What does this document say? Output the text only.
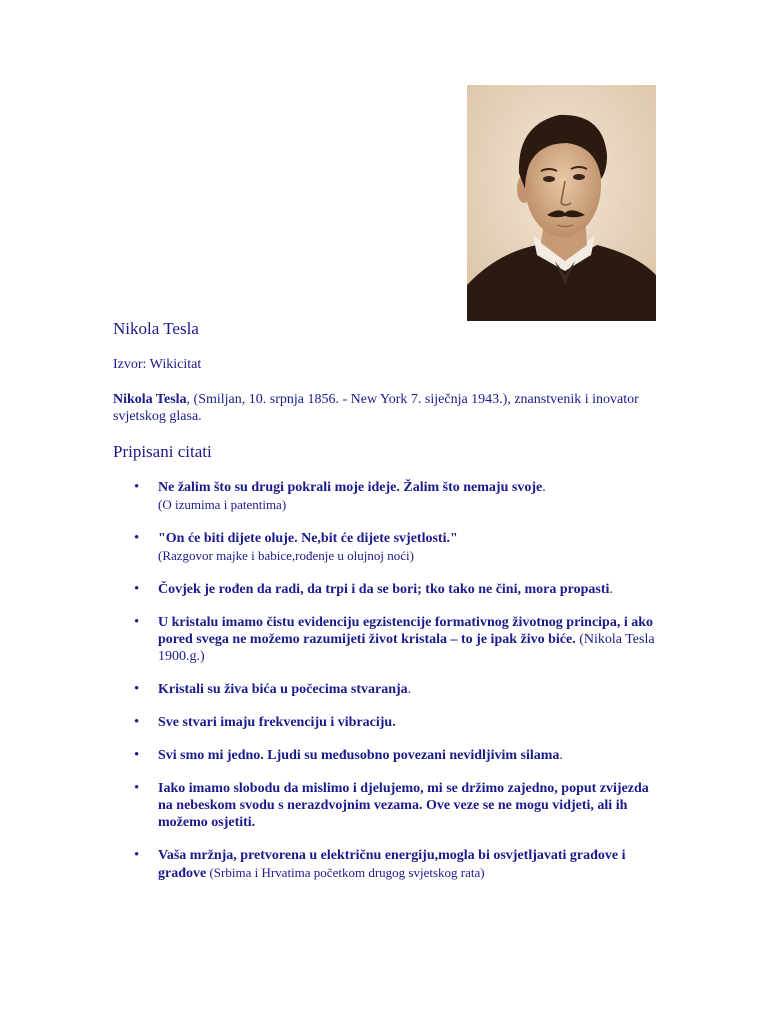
Nikola Tesla
Izvor: Wikicitat
Nikola Tesla, (Smiljan, 10. srpnja 1856. - New York 7. siječnja 1943.), znanstvenik i inovator svjetskog glasa.
Pripisani citati
• Ne žalim što su drugi pokrali moje ideje. Žalim što nemaju svoje.
(O izumima i patentima)
• "On će biti dijete oluje. Ne,bit će dijete svjetlosti."
(Razgovor majke i babice,rođenje u olujnoj noći)
• Čovjek je rođen da radi, da trpi i da se bori; tko tako ne čini, mora propasti.
• U kristalu imamo čistu evidenciju egzistencije formativnog životnog principa, i ako pored svega ne možemo razumijeti život kristala – to je ipak živo biće. (Nikola Tesla 1900.g.)
• Kristali su živa bića u počecima stvaranja.
• Sve stvari imaju frekvenciju i vibraciju.
• Svi smo mi jedno. Ljudi su međusobno povezani nevidljivim silama.
• Iako imamo slobodu da mislimo i djelujemo, mi se držimo zajedno, poput zvijezda na nebeskom svodu s nerazdvojnim vezama. Ove veze se ne mogu vidjeti, ali ih možemo osjetiti.
• Vaša mržnja, pretvorena u električnu energiju,mogla bi osvjetljavati građove i građove (Srbima i Hrvatima početkom drugog svjetskog rata)
